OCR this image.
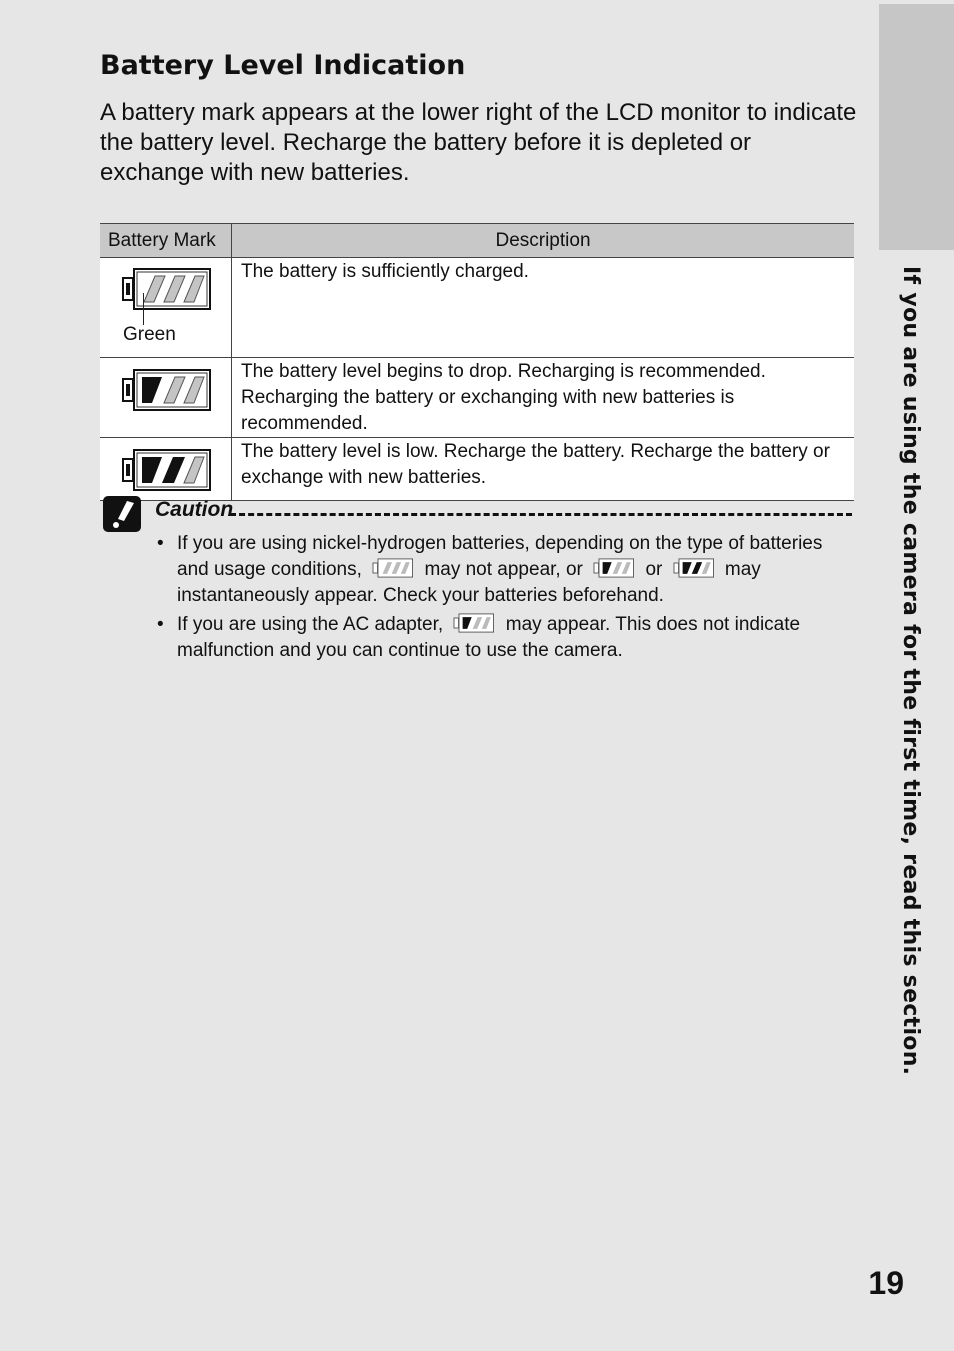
If you are using the camera for the first time, read this section.
Battery Level Indication

A battery mark appears at the lower right of the LCD monitor to indicate the battery level. Recharge the battery before it is depleted or exchange with new batteries.

Battery Mark	Description

Green	The battery is sufficiently charged.

	The battery level begins to drop. Recharging is recommended. Recharging the battery or exchanging with new batteries is recommended.

	The battery level is low. Recharge the battery. Recharge the battery or exchange with new batteries.
Caution
• If you are using nickel-hydrogen batteries, depending on the type of batteries and usage conditions,	may not appear, or	or	may instantaneously appear. Check your batteries beforehand.
• If you are using the AC adapter,	may appear. This does not indicate malfunction and you can continue to use the camera.
19
